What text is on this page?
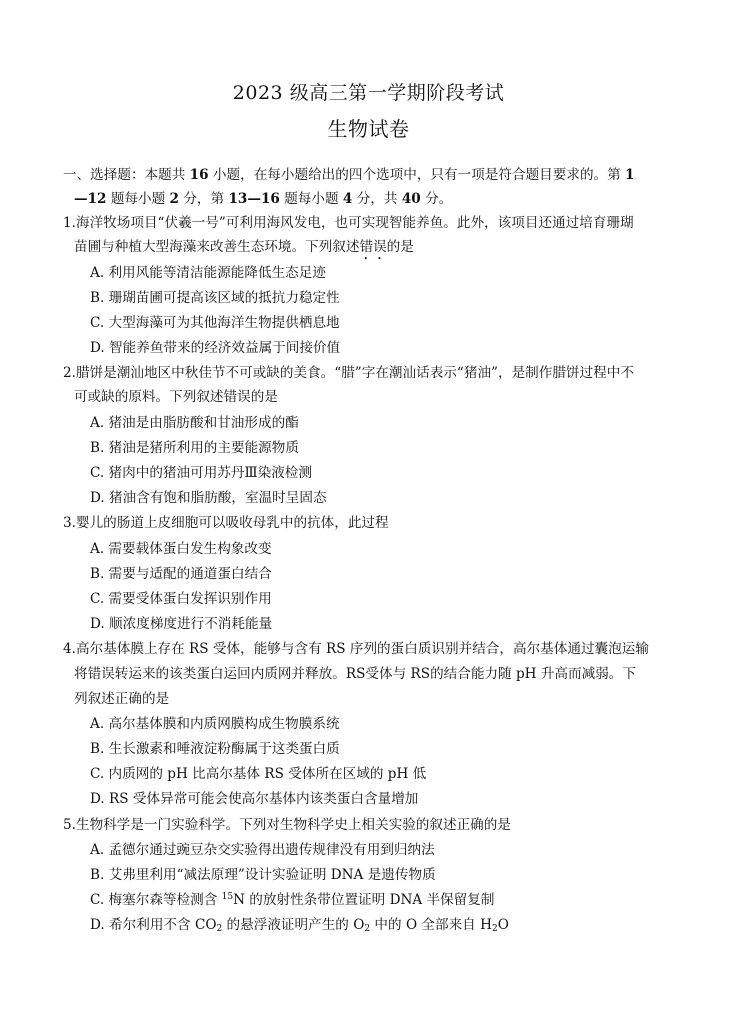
2023 级高三第一学期阶段考试
生物试卷
一、选择题：本题共 16 小题，在每小题给出的四个选项中，只有一项是符合题目要求的。第 1
—12 题每小题 2 分，第 13—16 题每小题 4 分，共 40 分。
1.海洋牧场项目“伏羲一号”可利用海风发电，也可实现智能养鱼。此外，该项目还通过培育珊瑚
苗圃与种植大型海藻来改善生态环境。下列叙述错误的是
A. 利用风能等清洁能源能降低生态足迹
B. 珊瑚苗圃可提高该区域的抵抗力稳定性
C. 大型海藻可为其他海洋生物提供栖息地
D. 智能养鱼带来的经济效益属于间接价值
2.腊饼是潮汕地区中秋佳节不可或缺的美食。“腊”字在潮汕话表示“猪油”，是制作腊饼过程中不
可或缺的原料。下列叙述错误的是
A. 猪油是由脂肪酸和甘油形成的酯
B. 猪油是猪所利用的主要能源物质
C. 猪肉中的猪油可用苏丹Ⅲ染液检测
D. 猪油含有饱和脂肪酸，室温时呈固态
3.婴儿的肠道上皮细胞可以吸收母乳中的抗体，此过程
A. 需要载体蛋白发生构象改变
B. 需要与适配的通道蛋白结合
C. 需要受体蛋白发挥识别作用
D. 顺浓度梯度进行不消耗能量
4.高尔基体膜上存在 RS 受体，能够与含有 RS 序列的蛋白质识别并结合，高尔基体通过囊泡运输
将错误转运来的该类蛋白运回内质网并释放。RS受体与 RS的结合能力随 pH 升高而减弱。下
列叙述正确的是
A. 高尔基体膜和内质网膜构成生物膜系统
B. 生长激素和唾液淀粉酶属于这类蛋白质
C. 内质网的 pH 比高尔基体 RS 受体所在区域的 pH 低
D. RS 受体异常可能会使高尔基体内该类蛋白含量增加
5.生物科学是一门实验科学。下列对生物科学史上相关实验的叙述正确的是
A. 孟德尔通过豌豆杂交实验得出遗传规律没有用到归纳法
B. 艾弗里利用“减法原理”设计实验证明 DNA 是遗传物质
C. 梅塞尔森等检测含 $^{15}$N 的放射性条带位置证明 DNA 半保留复制
D. 希尔利用不含 $CO_2$ 的悬浮液证明产生的 $O_2$ 中的 O 全部来自 $H_2O$
